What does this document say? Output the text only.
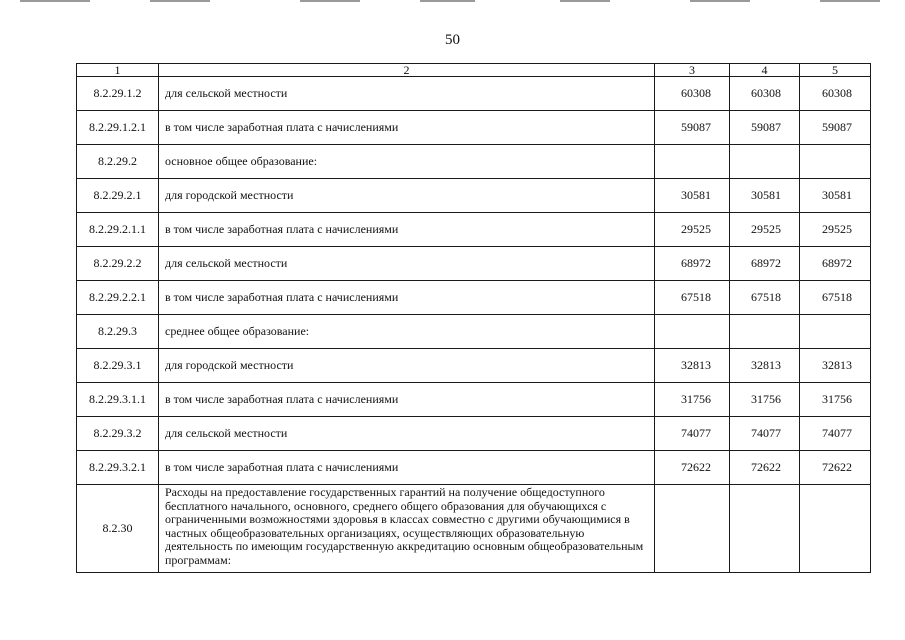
50
1	2	3	4	5
8.2.29.1.2	для сельской местности	60308	60308	60308
8.2.29.1.2.1	в том числе заработная плата с начислениями	59087	59087	59087
8.2.29.2	основное общее образование:			
8.2.29.2.1	для городской местности	30581	30581	30581
8.2.29.2.1.1	в том числе заработная плата с начислениями	29525	29525	29525
8.2.29.2.2	для сельской местности	68972	68972	68972
8.2.29.2.2.1	в том числе заработная плата с начислениями	67518	67518	67518
8.2.29.3	среднее общее образование:			
8.2.29.3.1	для городской местности	32813	32813	32813
8.2.29.3.1.1	в том числе заработная плата с начислениями	31756	31756	31756
8.2.29.3.2	для сельской местности	74077	74077	74077
8.2.29.3.2.1	в том числе заработная плата с начислениями	72622	72622	72622
8.2.30	Расходы на предоставление государственных гарантий на получение общедоступного бесплатного начального, основного, среднего общего образования для обучающихся с ограниченными возможностями здоровья в классах совместно с другими обучающимися в частных общеобразовательных организациях, осуществляющих образовательную деятельность по имеющим государственную аккредитацию основным общеобразовательным программам:			
